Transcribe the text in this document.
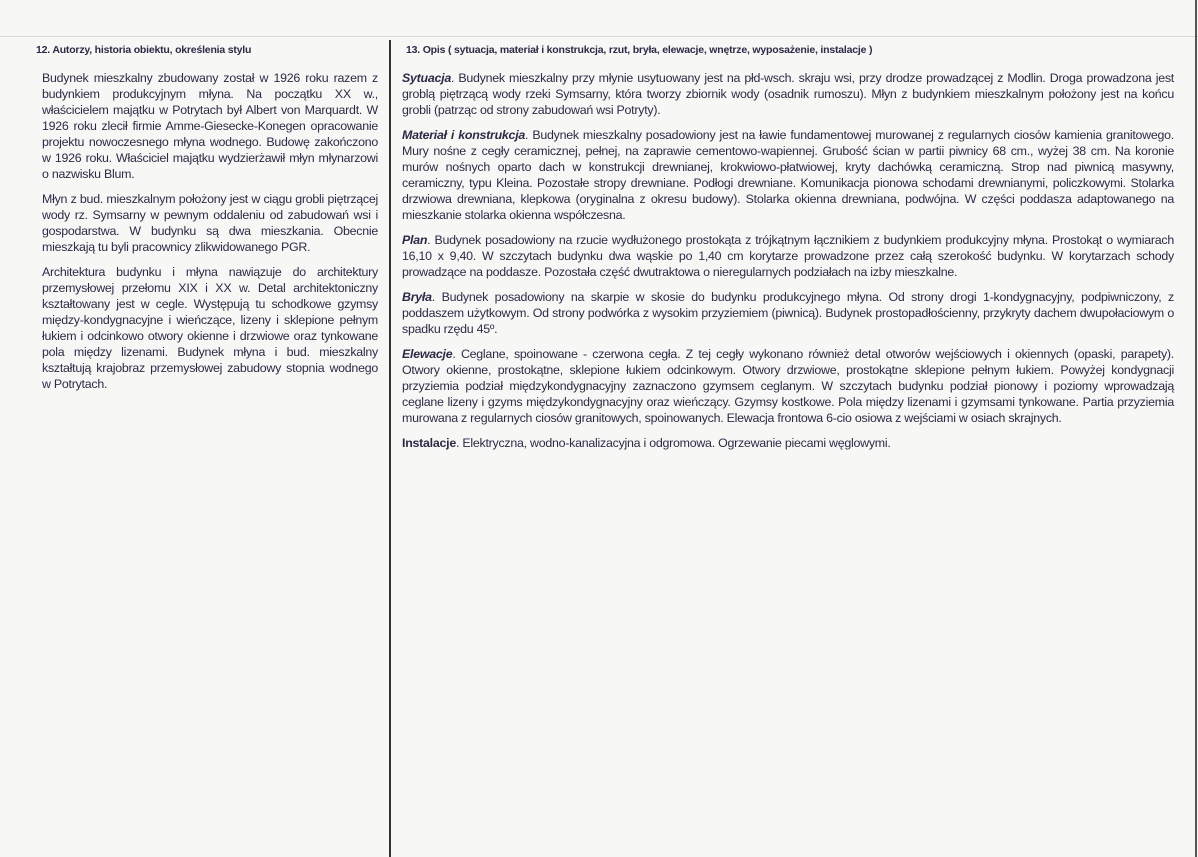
12. Autorzy, historia obiektu, określenia stylu

Budynek mieszkalny zbudowany został w 1926 roku razem z budynkiem produkcyjnym młyna. Na początku XX w., właścicielem majątku w Potrytach był Albert von Marquardt. W 1926 roku zlecił firmie Amme-Giesecke-Konegen opracowanie projektu nowoczesnego młyna wodnego. Budowę zakończono w 1926 roku. Właściciel majątku wydzierżawił młyn młynarzowi o nazwisku Blum.

Młyn z bud. mieszkalnym położony jest w ciągu grobli piętrzącej wody rz. Symsarny w pewnym oddaleniu od zabudowań wsi i gospodarstwa. W budynku są dwa mieszkania. Obecnie mieszkają tu byli pracownicy zlikwidowanego PGR.

Architektura budynku i młyna nawiązuje do architektury przemysłowej przełomu XIX i XX w. Detal architektoniczny kształtowany jest w cegle. Występują tu schodkowe gzymsy między-kondygnacyjne i wieńczące, lizeny i sklepione pełnym łukiem i odcinkowo otwory okienne i drzwiowe oraz tynkowane pola między lizenami. Budynek młyna i bud. mieszkalny kształtują krajobraz przemysłowej zabudowy stopnia wodnego w Potrytach.

13. Opis ( sytuacja, materiał i konstrukcja, rzut, bryła, elewacje, wnętrze, wyposażenie, instalacje )

Sytuacja. Budynek mieszkalny przy młynie usytuowany jest na płd-wsch. skraju wsi, przy drodze prowadzącej z Modlin. Droga prowadzona jest groblą piętrzącą wody rzeki Symsarny, która tworzy zbiornik wody (osadnik rumoszu). Młyn z budynkiem mieszkalnym położony jest na końcu grobli (patrząc od strony zabudowań wsi Potryty).

Materiał i konstrukcja. Budynek mieszkalny posadowiony jest na ławie fundamentowej murowanej z regularnych ciosów kamienia granitowego. Mury nośne z cegły ceramicznej, pełnej, na zaprawie cementowo-wapiennej. Grubość ścian w partii piwnicy 68 cm., wyżej 38 cm. Na koronie murów nośnych oparto dach w konstrukcji drewnianej, krokwiowo-płatwiowej, kryty dachówką ceramiczną. Strop nad piwnicą masywny, ceramiczny, typu Kleina. Pozostałe stropy drewniane. Podłogi drewniane. Komunikacja pionowa schodami drewnianymi, policzkowymi. Stolarka drzwiowa drewniana, klepkowa (oryginalna z okresu budowy). Stolarka okienna drewniana, podwójna. W części poddasza adaptowanego na mieszkanie stolarka okienna współczesna.

Plan. Budynek posadowiony na rzucie wydłużonego prostokąta z trójkątnym łącznikiem z budynkiem produkcyjny młyna. Prostokąt o wymiarach 16,10 x 9,40. W szczytach budynku dwa wąskie po 1,40 cm korytarze prowadzone przez całą szerokość budynku. W korytarzach schody prowadzące na poddasze. Pozostała część dwutraktowa o nieregularnych podziałach na izby mieszkalne.

Bryła. Budynek posadowiony na skarpie w skosie do budynku produkcyjnego młyna. Od strony drogi 1-kondygnacyjny, podpiwniczony, z poddaszem użytkowym. Od strony podwórka z wysokim przyziemiem (piwnicą). Budynek prostopadłościenny, przykryty dachem dwupołaciowym o spadku rzędu 45º.

Elewacje. Ceglane, spoinowane - czerwona cegła. Z tej cegły wykonano również detal otworów wejściowych i okiennych (opaski, parapety). Otwory okienne, prostokątne, sklepione łukiem odcinkowym. Otwory drzwiowe, prostokątne sklepione pełnym łukiem. Powyżej kondygnacji przyziemia podział międzykondygnacyjny zaznaczono gzymsem ceglanym. W szczytach budynku podział pionowy i poziomy wprowadzają ceglane lizeny i gzyms międzykondygnacyjny oraz wieńczący. Gzymsy kostkowe. Pola między lizenami i gzymsami tynkowane. Partia przyziemia murowana z regularnych ciosów granitowych, spoinowanych. Elewacja frontowa 6-cio osiowa z wejściami w osiach skrajnych.

Instalacje. Elektryczna, wodno-kanalizacyjna i odgromowa. Ogrzewanie piecami węglowymi.
